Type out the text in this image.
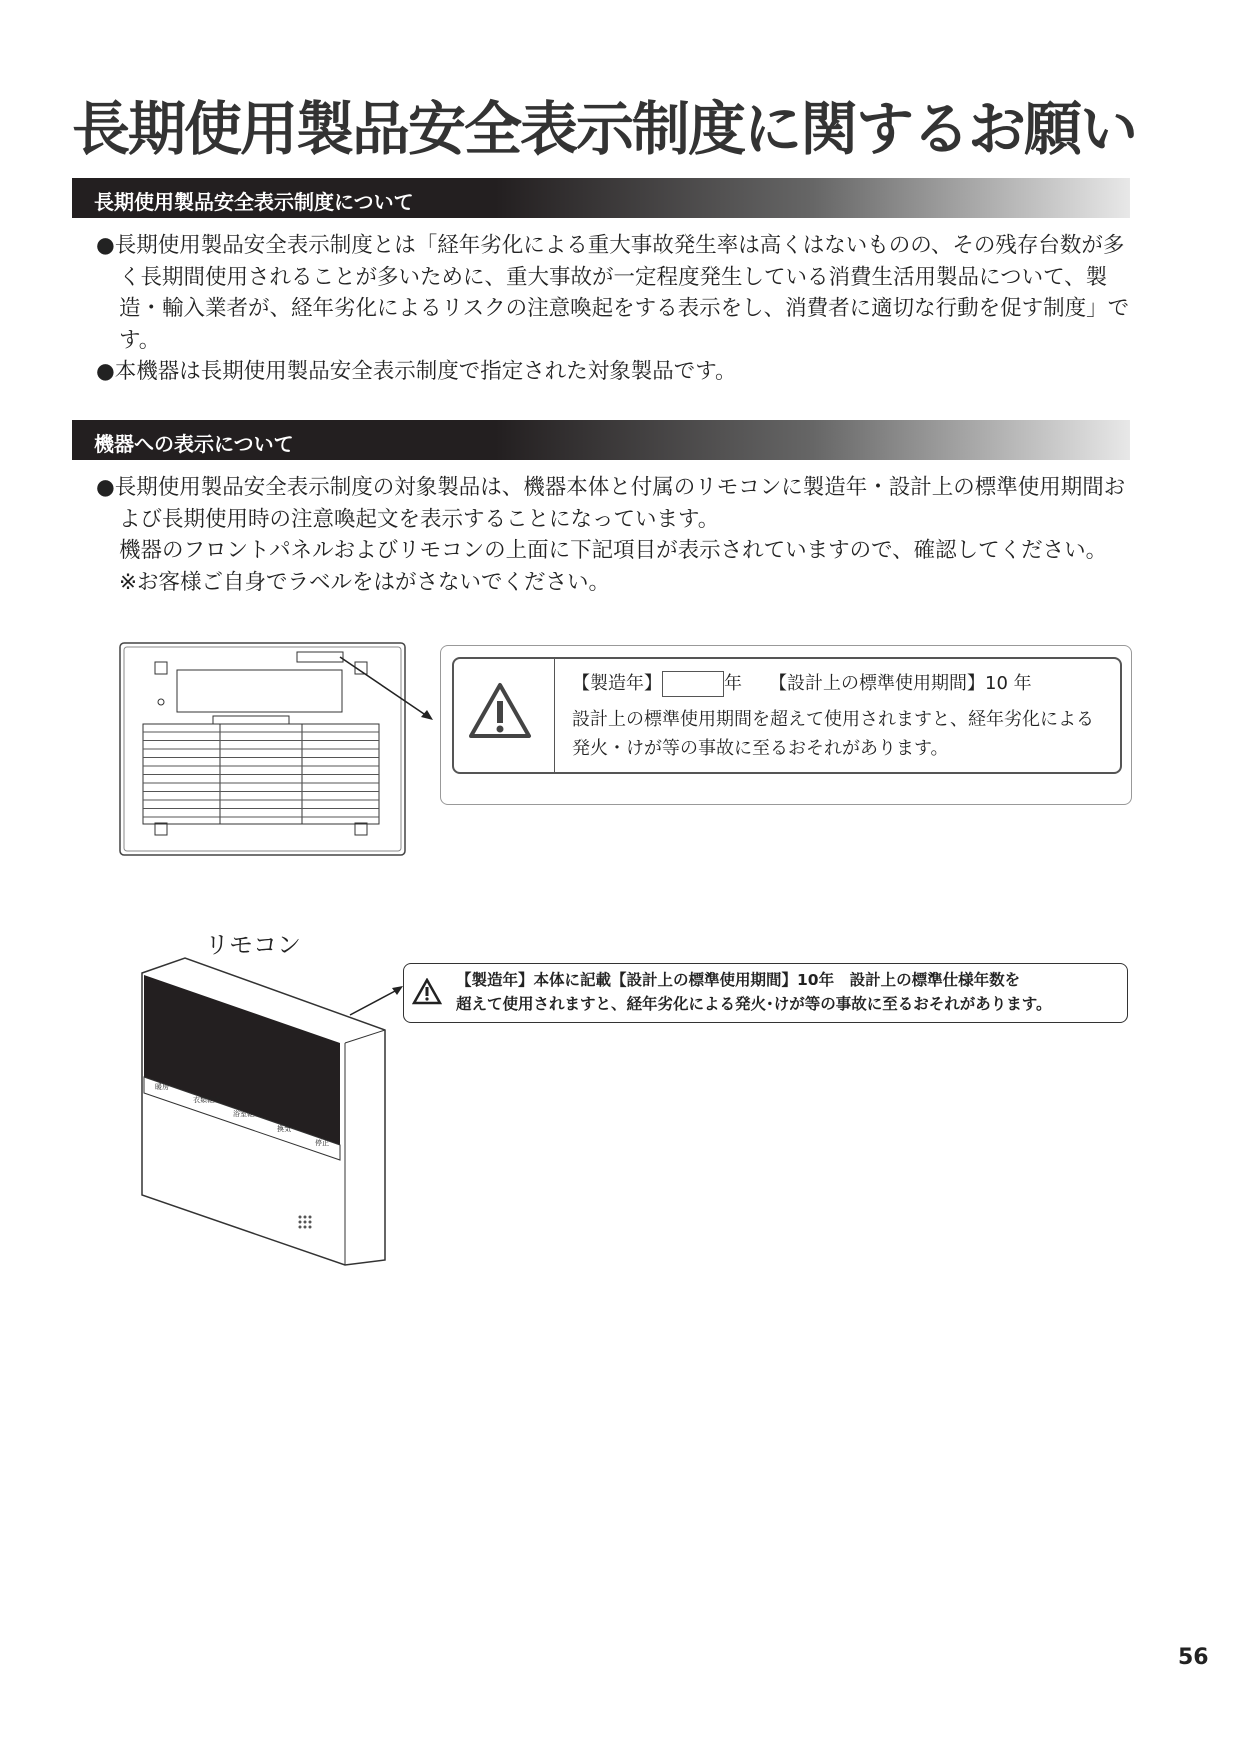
長期使用製品安全表示制度に関するお願い
長期使用製品安全表示制度について

●長期使用製品安全表示制度とは「経年劣化による重大事故発生率は高くはないものの、その残存台数が多く長期間使用されることが多いために、重大事故が一定程度発生している消費生活用製品について、製造・輸入業者が、経年劣化によるリスクの注意喚起をする表示をし、消費者に適切な行動を促す制度」です。

●本機器は長期使用製品安全表示制度で指定された対象製品です。

機器への表示について

●長期使用製品安全表示制度の対象製品は、機器本体と付属のリモコンに製造年・設計上の標準使用期間および長期使用時の注意喚起文を表示することになっています。

機器のフロントパネルおよびリモコンの上面に下記項目が表示されていますので、確認してください。

※お客様ご自身でラベルをはがさないでください。

【製造年】	年　　 【設計上の標準使用期間】10 年
設計上の標準使用期間を超えて使用されますと、経年劣化による発火・けが等の事故に至るおそれがあります。
リモコン
暖房
衣類乾燥
浴室乾燥
換気
停止
【製造年】本体に記載【設計上の標準使用期間】10年　設計上の標準仕様年数を
超えて使用されますと、経年劣化による発火･けが等の事故に至るおそれがあります。
56
